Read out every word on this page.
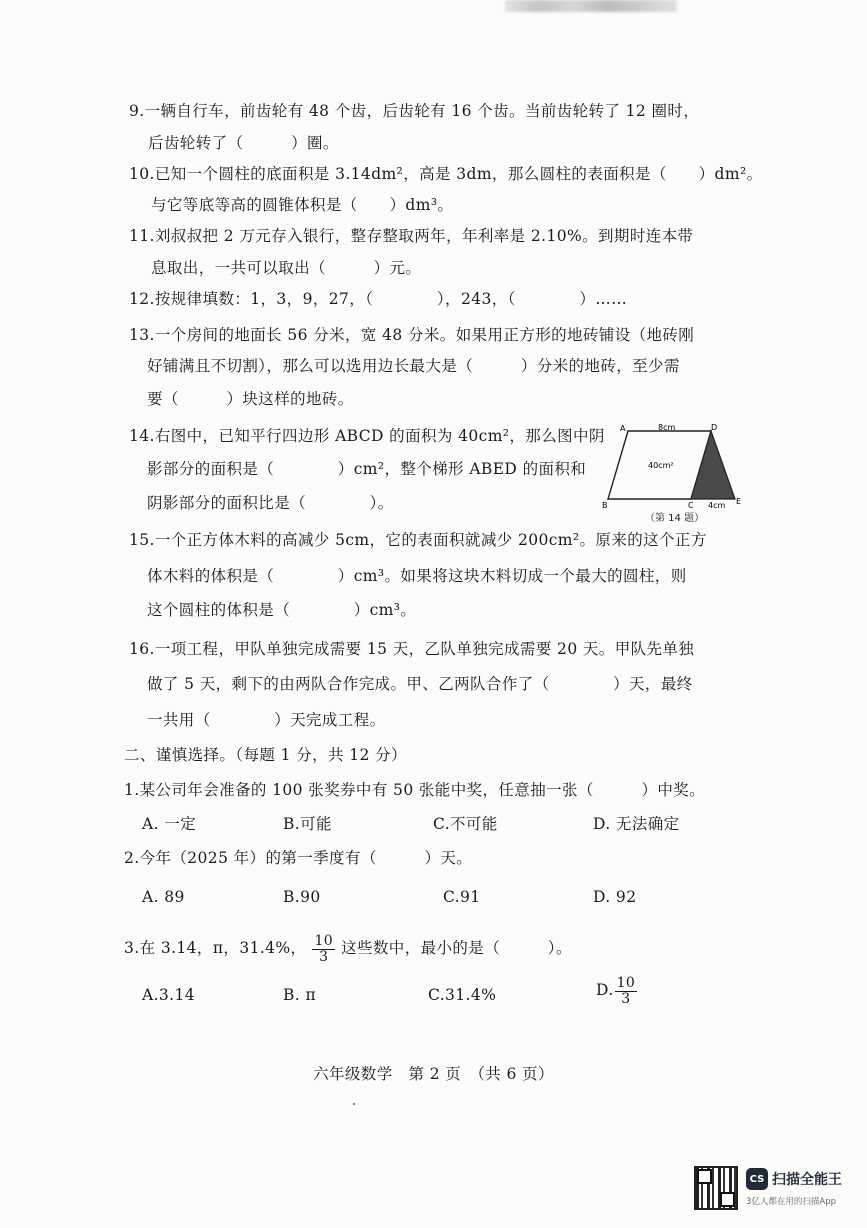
9.一辆自行车，前齿轮有 48 个齿，后齿轮有 16 个齿。当前齿轮转了 12 圈时，
后齿轮转了（　　　）圈。
10.已知一个圆柱的底面积是 3.14dm²，高是 3dm，那么圆柱的表面积是（　　）dm²。
与它等底等高的圆锥体积是（　　）dm³。
11.刘叔叔把 2 万元存入银行，整存整取两年，年利率是 2.10%。到期时连本带
息取出，一共可以取出（　　　）元。
12.按规律填数：1，3，9，27，（　　　　），243，（　　　　）……
13.一个房间的地面长 56 分米，宽 48 分米。如果用正方形的地砖铺设（地砖刚
好铺满且不切割），那么可以选用边长最大是（　　　）分米的地砖，至少需
要（　　　）块这样的地砖。
14.右图中，已知平行四边形 ABCD 的面积为 40cm²，那么图中阴
影部分的面积是（　　　　）cm²，整个梯形 ABED 的面积和
阴影部分的面积比是（　　　　）。
A	8cm	D
40cm²
B	C 4cm E
（第 14 题）
15.一个正方体木料的高减少 5cm，它的表面积就减少 200cm²。原来的这个正方
体木料的体积是（　　　　）cm³。如果将这块木料切成一个最大的圆柱，则
这个圆柱的体积是（　　　　）cm³。
16.一项工程，甲队单独完成需要 15 天，乙队单独完成需要 20 天。甲队先单独
做了 5 天，剩下的由两队合作完成。甲、乙两队合作了（　　　　）天，最终
一共用（　　　　）天完成工程。
二、谨慎选择。（每题 1 分，共 12 分）
1.某公司年会准备的 100 张奖券中有 50 张能中奖，任意抽一张（　　　）中奖。
A. 一定	B.可能	C.不可能	D. 无法确定
2.今年（2025 年）的第一季度有（　　　）天。
A. 89	B.90	C.91	D. 92
3.在 3.14，π，31.4%， $\frac{10}{3}$ 这些数中，最小的是（　　　）。
A.3.14	B. π	C.31.4%	D. $\frac{10}{3}$
六年级数学　第 2 页　（共 6 页）
CS 扫描全能王
3亿人都在用的扫描App
